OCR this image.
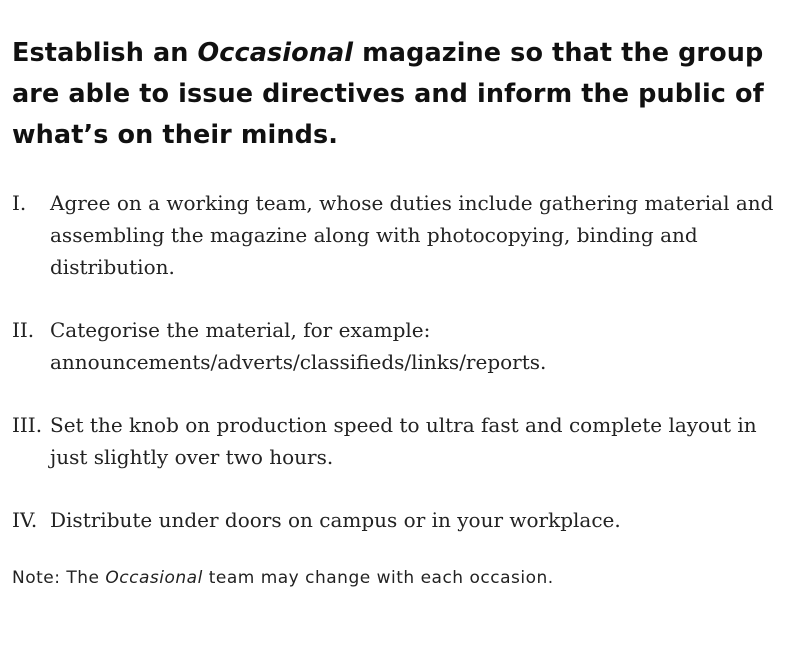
Establish an Occasional magazine so that the group are able to issue directives and inform the public of what’s on their minds.
I.	Agree on a working team, whose duties include gathering material and assembling the magazine along with photocopying, binding and distribution.
II. Categorise the material, for example: announcements/adverts/classifieds/links/reports.
III. Set the knob on production speed to ultra fast and complete layout in just slightly over two hours.
IV. Distribute under doors on campus or in your workplace.

Note: The Occasional team may change with each occasion.
